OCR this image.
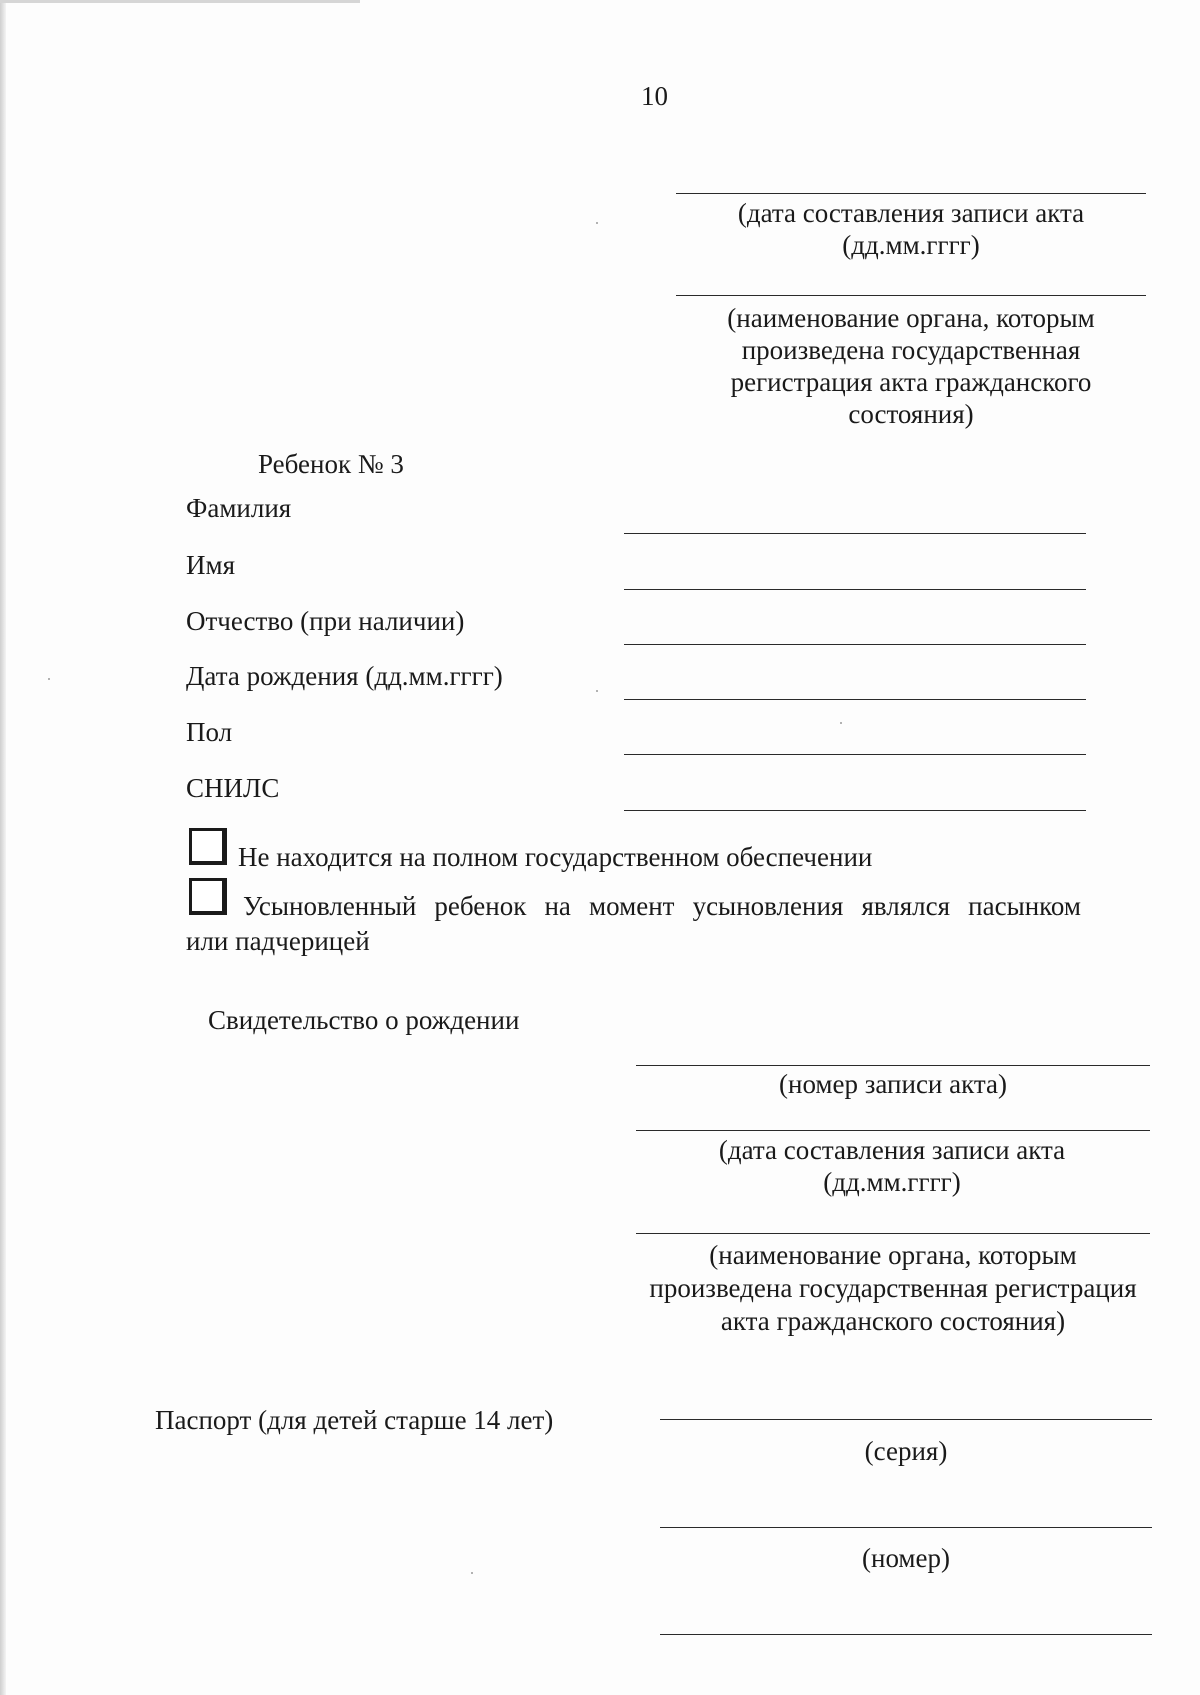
10
(дата составления записи акта (дд.мм.гггг)
(наименование органа, которым
произведена государственная
регистрация акта гражданского
состояния)
Ребенок № 3
Фамилия
Имя
Отчество (при наличии)
Дата рождения (дд.мм.гггг)
Пол
СНИЛС
Не находится на полном государственном обеспечении
Усыновленный ребенок на момент усыновления являлся пасынком
или падчерицей
Свидетельство о рождении
(номер записи акта)
(дата составления записи акта (дд.мм.гггг)
(наименование органа, которым
произведена государственная регистрация
акта гражданского состояния)
Паспорт (для детей старше 14 лет)
(серия)
(номер)
